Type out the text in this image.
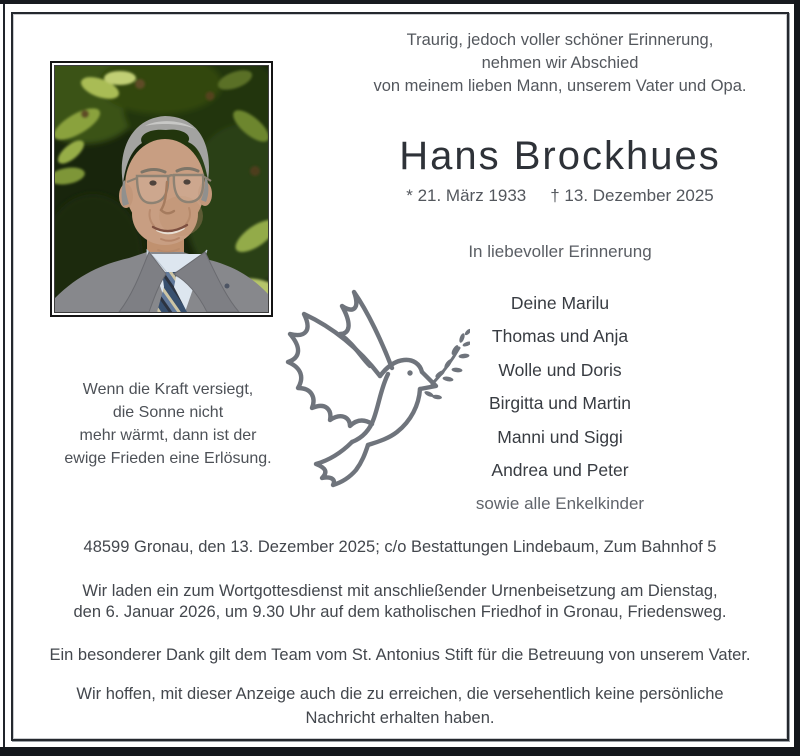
Traurig, jedoch voller schöner Erinnerung,
nehmen wir Abschied
von meinem lieben Mann, unserem Vater und Opa.
Hans Brockhues
* 21. März 1933 † 13. Dezember 2025
In liebevoller Erinnerung
Deine Marilu
Thomas und Anja
Wolle und Doris
Birgitta und Martin
Manni und Siggi
Andrea und Peter
sowie alle Enkelkinder
Wenn die Kraft versiegt,
die Sonne nicht
mehr wärmt, dann ist der
ewige Frieden eine Erlösung.
48599 Gronau, den 13. Dezember 2025; c/o Bestattungen Lindebaum, Zum Bahnhof 5
Wir laden ein zum Wortgottesdienst mit anschließender Urnenbeisetzung am Dienstag,
den 6. Januar 2026, um 9.30 Uhr auf dem katholischen Friedhof in Gronau, Friedensweg.
Ein besonderer Dank gilt dem Team vom St. Antonius Stift für die Betreuung von unserem Vater.
Wir hoffen, mit dieser Anzeige auch die zu erreichen, die versehentlich keine persönliche
Nachricht erhalten haben.
